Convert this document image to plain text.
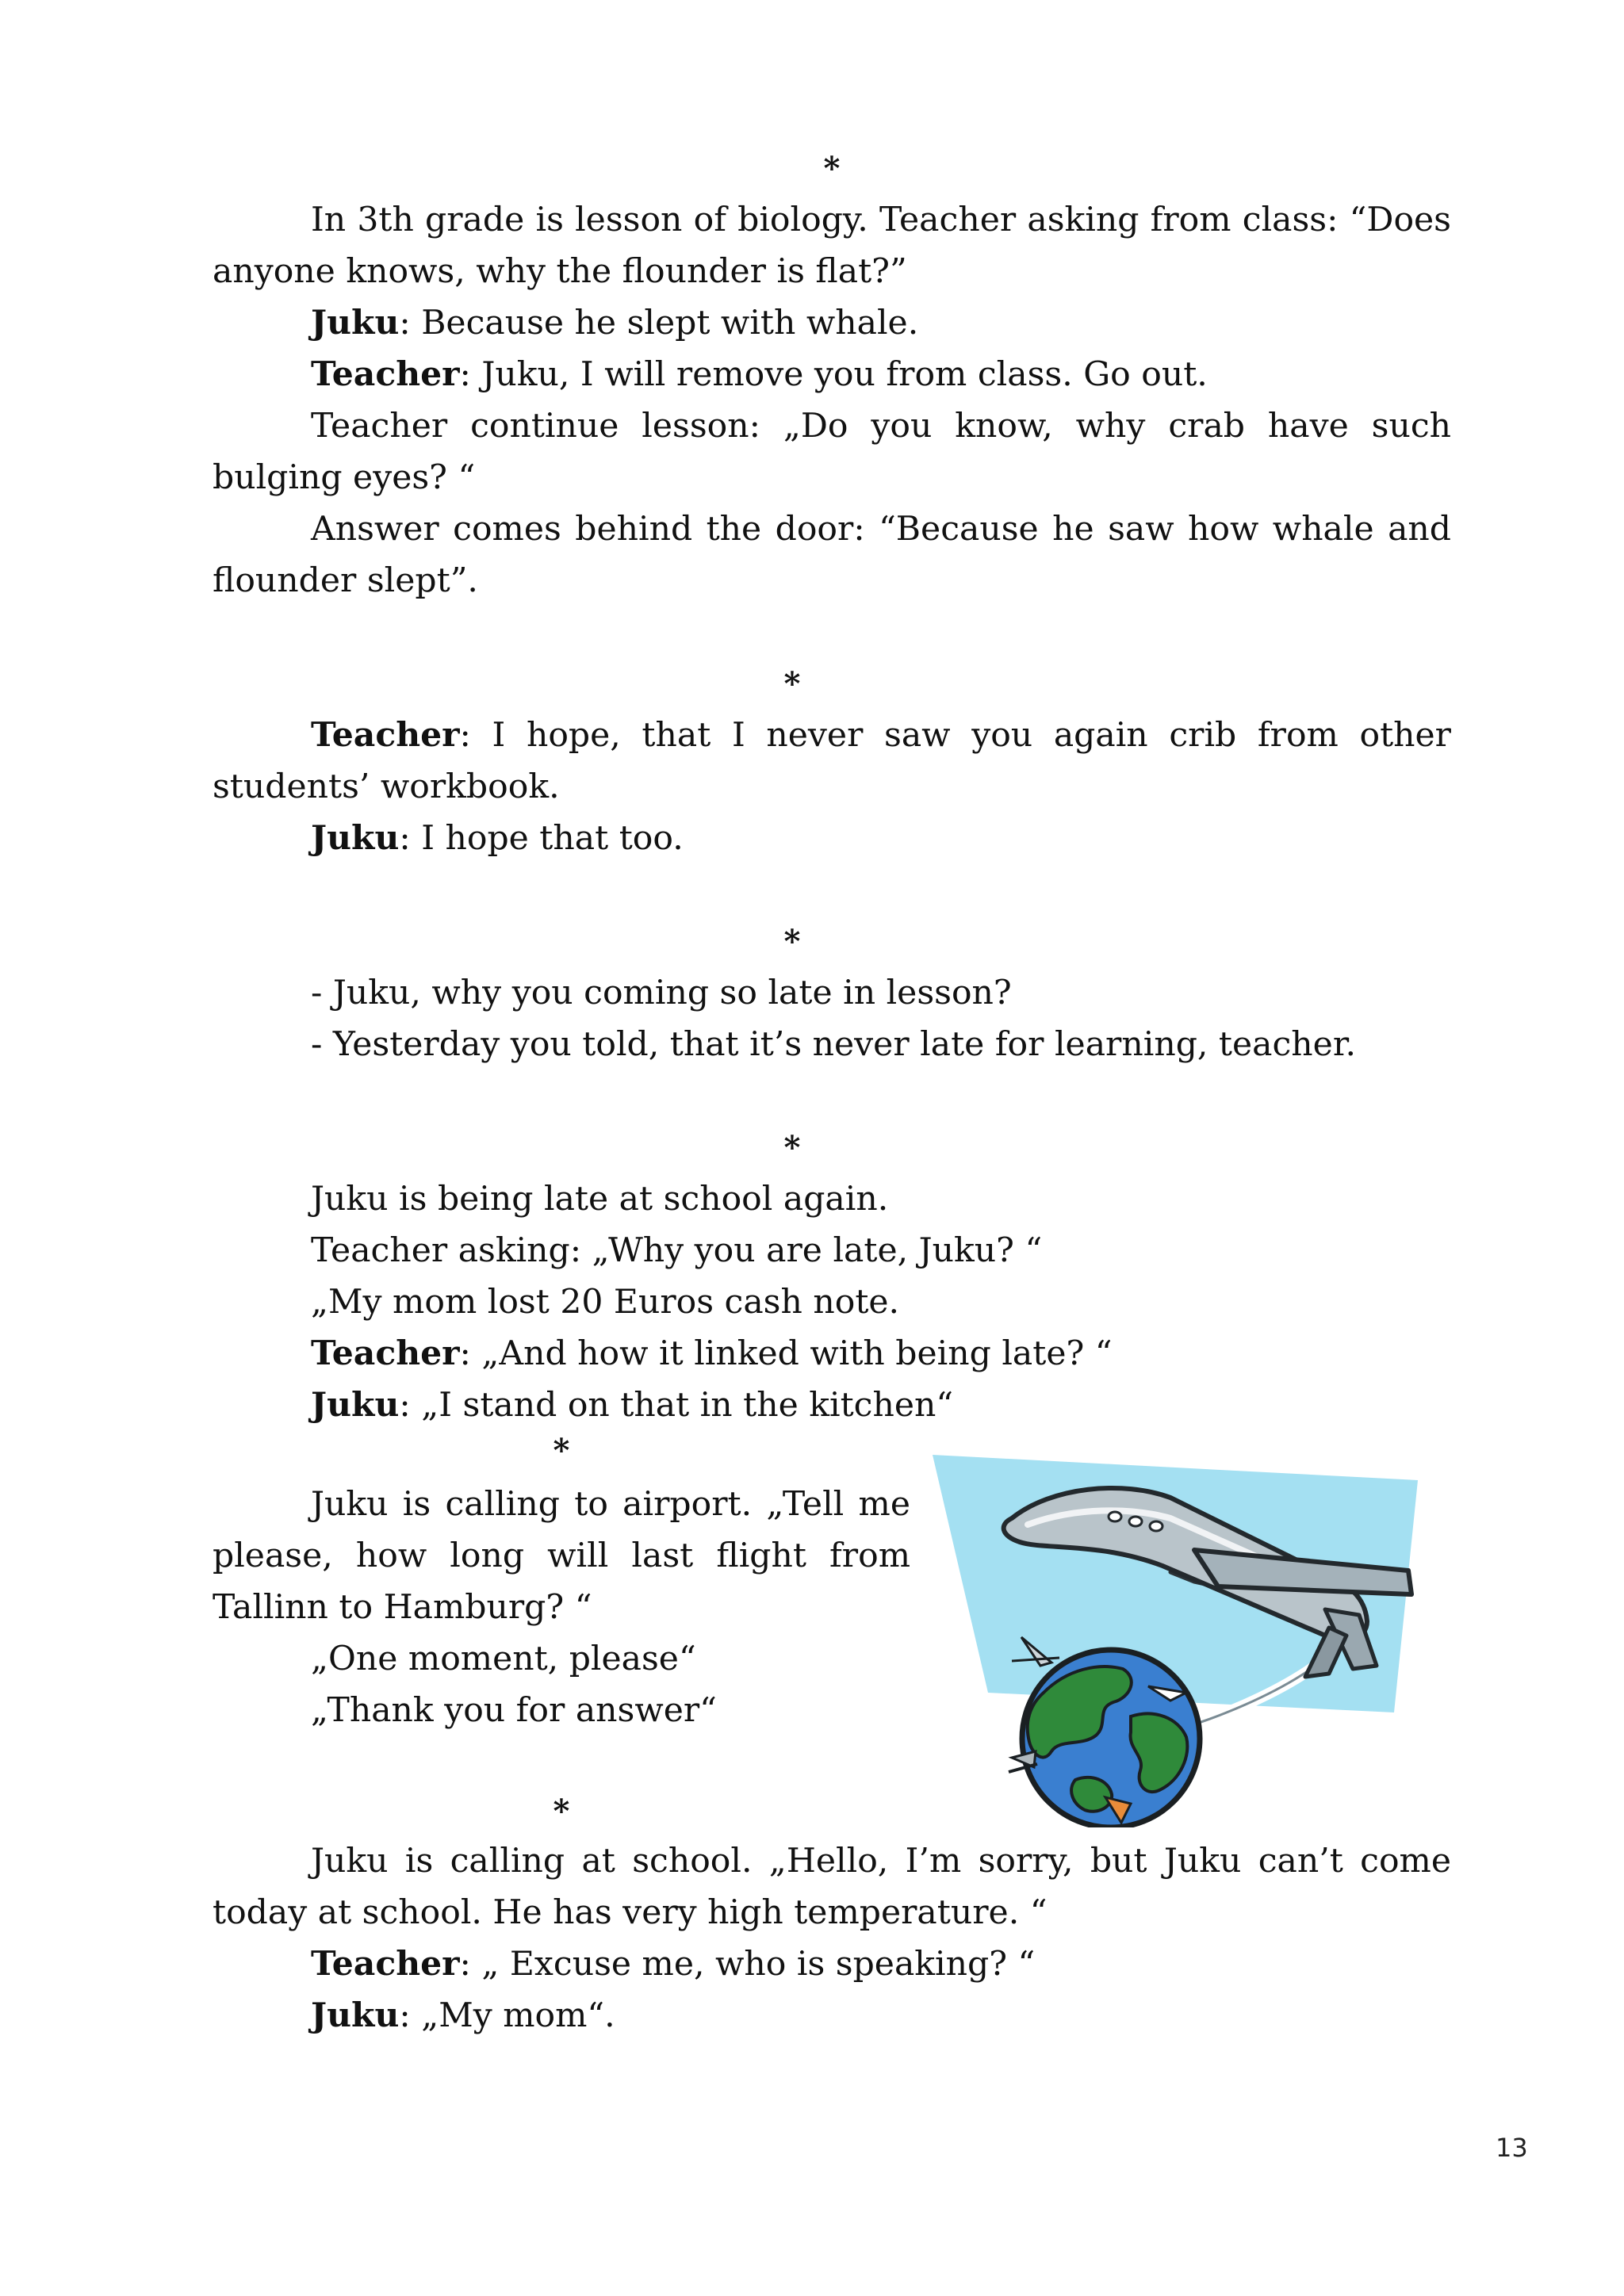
*

In 3th grade is lesson of biology. Teacher asking from class: “Does anyone knows, why the flounder is flat?”

Juku: Because he slept with whale.

Teacher: Juku, I will remove you from class. Go out.

Teacher continue lesson: „Do you know, why crab have such bulging eyes? “

Answer comes behind the door: “Because he saw how whale and flounder slept”.

*

Teacher: I hope, that I never saw you again crib from other students’ workbook.

Juku: I hope that too.

*

- Juku, why you coming so late in lesson?

- Yesterday you told, that it’s never late for learning, teacher.

*

Juku is being late at school again.

Teacher asking: „Why you are late, Juku? “

„My mom lost 20 Euros cash note.

Teacher: „And how it linked with being late? “

Juku: „I stand on that in the kitchen“

*

Juku is calling to airport. „Tell me please, how long will last flight from Tallinn to Hamburg? “

„One moment, please“

„Thank you for answer“

*

Juku is calling at school. „Hello, I’m sorry, but Juku can’t come today at school. He has very high temperature. “

Teacher: „ Excuse me, who is speaking? “

Juku: „My mom“.

13
